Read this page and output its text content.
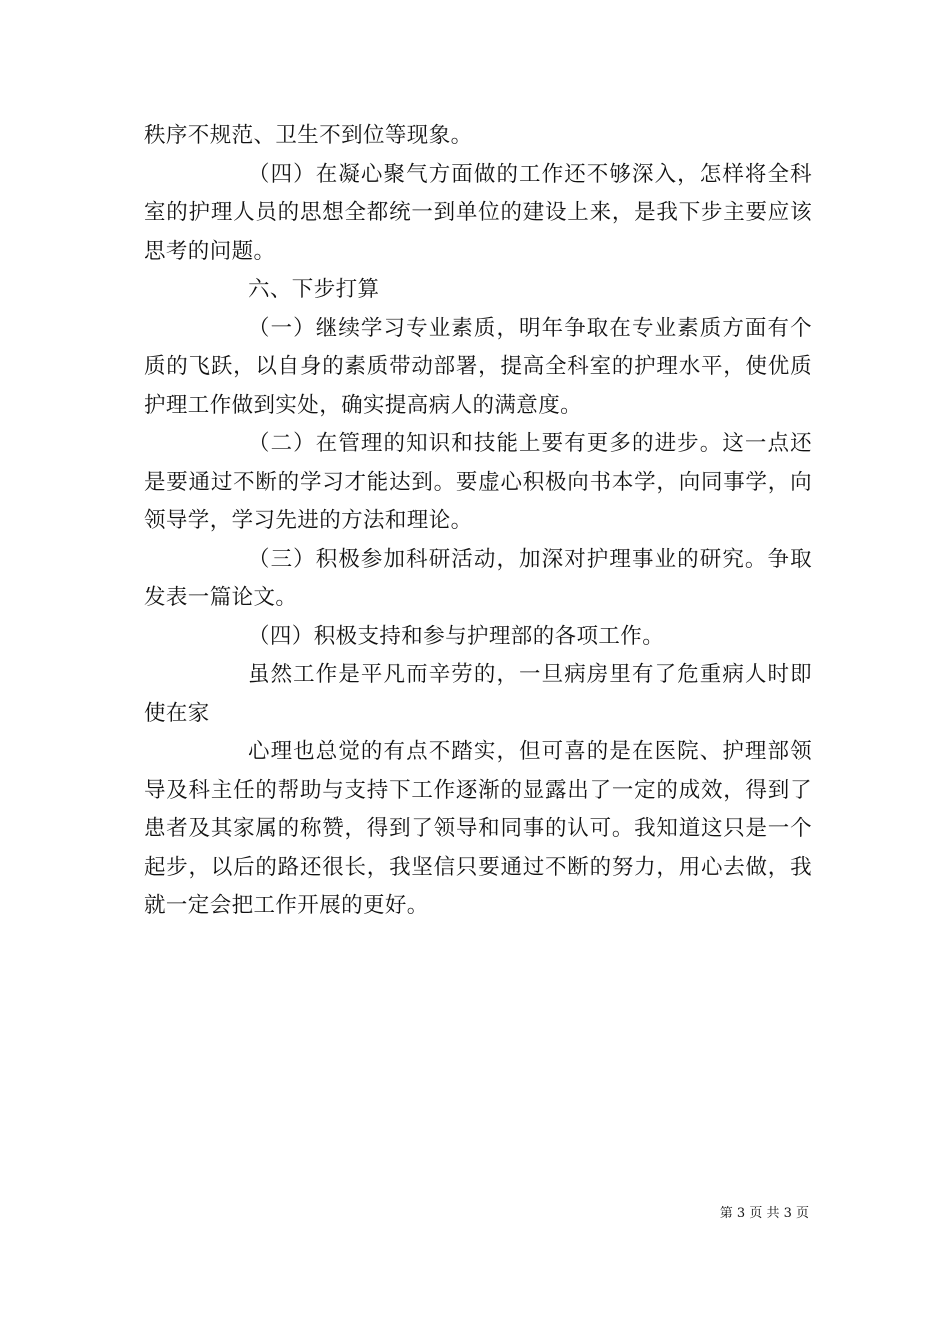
秩序不规范、卫生不到位等现象。

（四）在凝心聚气方面做的工作还不够深入，怎样将全科室的护理人员的思想全都统一到单位的建设上来，是我下步主要应该思考的问题。

六、下步打算

（一）继续学习专业素质，明年争取在专业素质方面有个质的飞跃，以自身的素质带动部署，提高全科室的护理水平，使优质护理工作做到实处，确实提高病人的满意度。

（二）在管理的知识和技能上要有更多的进步。这一点还是要通过不断的学习才能达到。要虚心积极向书本学，向同事学，向领导学，学习先进的方法和理论。

（三）积极参加科研活动，加深对护理事业的研究。争取发表一篇论文。

（四）积极支持和参与护理部的各项工作。

虽然工作是平凡而辛劳的，一旦病房里有了危重病人时即使在家

心理也总觉的有点不踏实，但可喜的是在医院、护理部领导及科主任的帮助与支持下工作逐渐的显露出了一定的成效，得到了患者及其家属的称赞，得到了领导和同事的认可。我知道这只是一个起步，以后的路还很长，我坚信只要通过不断的努力，用心去做，我就一定会把工作开展的更好。

第 3 页 共 3 页
